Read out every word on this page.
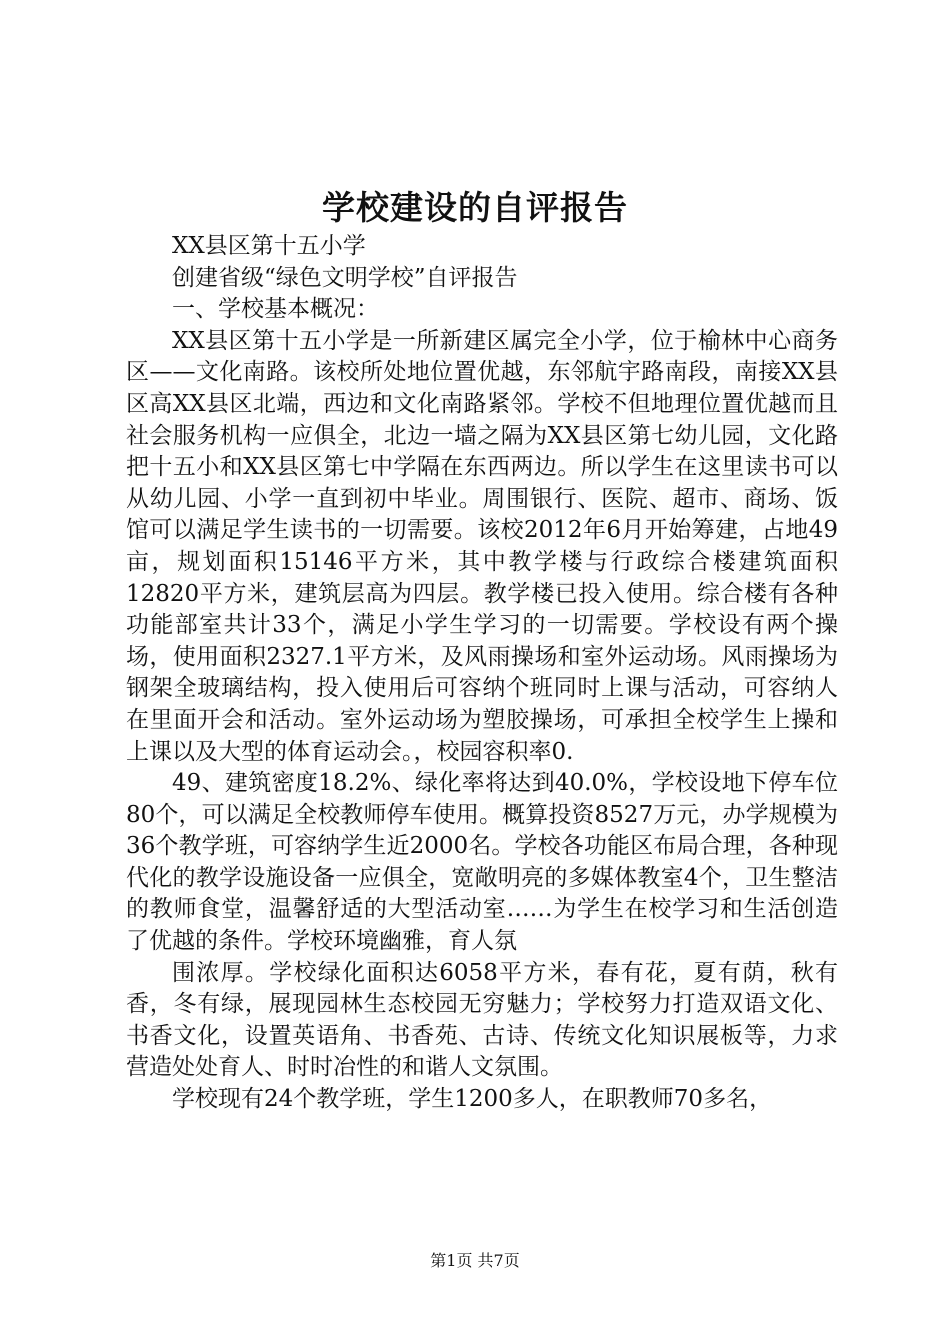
学校建设的自评报告

XX县区第十五小学

创建省级“绿色文明学校”自评报告

一、学校基本概况：

XX县区第十五小学是一所新建区属完全小学，位于榆林中心商务区——文化南路。该校所处地位置优越，东邻航宇路南段，南接XX县区高XX县区北端，西边和文化南路紧邻。学校不但地理位置优越而且社会服务机构一应俱全，北边一墙之隔为XX县区第七幼儿园，文化路把十五小和XX县区第七中学隔在东西两边。所以学生在这里读书可以从幼儿园、小学一直到初中毕业。周围银行、医院、超市、商场、饭馆可以满足学生读书的一切需要。该校2012年6月开始筹建，占地49亩，规划面积15146平方米，其中教学楼与行政综合楼建筑面积12820平方米，建筑层高为四层。教学楼已投入使用。综合楼有各种功能部室共计33个，满足小学生学习的一切需要。学校设有两个操场，使用面积2327.1平方米，及风雨操场和室外运动场。风雨操场为钢架全玻璃结构，投入使用后可容纳个班同时上课与活动，可容纳人在里面开会和活动。室外运动场为塑胶操场，可承担全校学生上操和上课以及大型的体育运动会。，校园容积率0.

49、建筑密度18.2%、绿化率将达到40.0%，学校设地下停车位80个，可以满足全校教师停车使用。概算投资8527万元，办学规模为36个教学班，可容纳学生近2000名。学校各功能区布局合理，各种现代化的教学设施设备一应俱全，宽敞明亮的多媒体教室4个，卫生整洁的教师食堂，温馨舒适的大型活动室……为学生在校学习和生活创造了优越的条件。学校环境幽雅，育人氛

围浓厚。学校绿化面积达6058平方米，春有花，夏有荫，秋有香，冬有绿，展现园林生态校园无穷魅力；学校努力打造双语文化、书香文化，设置英语角、书香苑、古诗、传统文化知识展板等，力求营造处处育人、时时冶性的和谐人文氛围。

学校现有24个教学班，学生1200多人，在职教师70多名，

第1页 共7页
